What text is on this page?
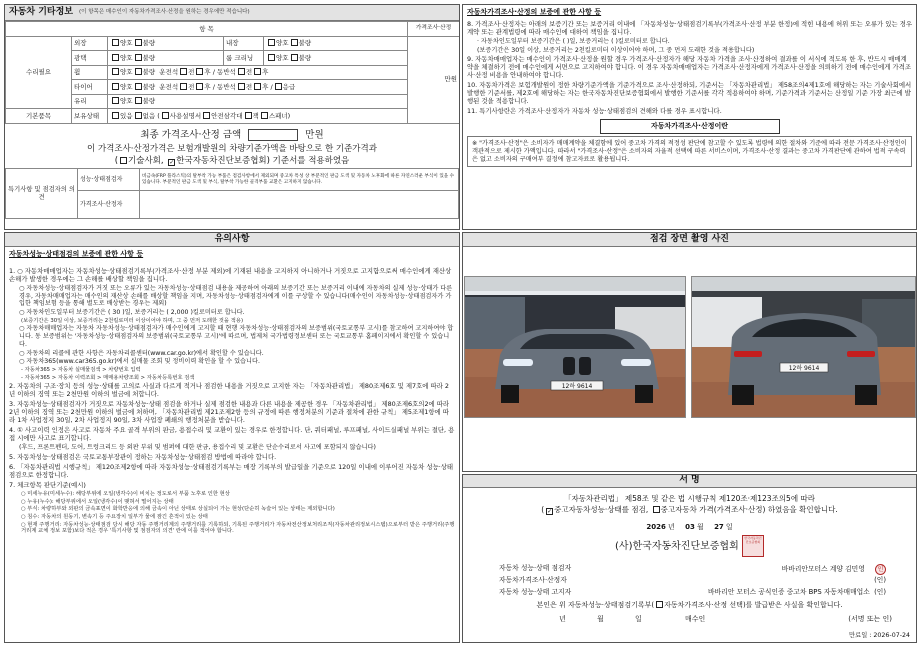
자동차 기타정보 (이 항목은 매수인이 자동차가격조사·산정을 원하는 경우에만 적습니다)
항 목					가격조사·산정
수리필요	외장	양호 불량	내장	양호 불량	만원
	광택	양호 불량	룸 크리닝	양호 불량	
	휠	양호 불량 운전석 전 후 / 동반석 전 후			
	타이어	양호 불량 운전석 전 후 / 동반석 전 후 / 응급			
	유리	양호 불량			
기본품목	보유상태	있음 없음 ( 사용설명서 안전삼각대 잭 스패너)			
최종 가격조사·산정 금액	만원
이 가격조사·산정가격은 보험개발원의 차량기준가액을 바탕으로 한 기준가격과
( 기술사회, ✓ 한국자동차진단보증협회) 기준서를 적용하였음
특기사항 및 점검자의 의견	성능·상태점검자	비금속(FRP 플라스틱)의 탈부착 가능 부품은 점검사항에서 제외되며 중고차 특성 상 부분적인 판금 도색 및 자동차 노후화에 따른 자연스러운 부식이 있을 수 있습니다. 부분적인 판금 도색 및 부식, 탈부착 가능한 골격부품 교환은 고지하지 않습니다.
	가격조사·산정자	
자동차가격조사·산정의 보증에 관한 사항 등

8. 가격조사·산정자는 아래의 보증기간 또는 보증거리 이내에 「자동차성능·상태점검기록부(가격조사·산정 부분 한정)에 적힌 내용에 허위 또는 오류가 있는 경우 계약 또는 관계법령에 따라 매수인에 대하여 책임을 집니다.

· 자동차인도일부터 보증기간은 ( )일, 보증거리는 ( )킬로미터로 합니다.

(보증기간은 30일 이상, 보증거리는 2천킬로미터 이상이어야 하며, 그 중 먼저 도래한 것을 적용합니다)

9. 자동차매매업자는 매수인이 가격조사·산정을 원할 경우 가격조사·산정자가 해당 자동차 가격을 조사·산정하여 결과를 이 서식에 적도록 한 후, 반드시 매매계약을 체결하기 전에 매수인에게 서면으로 고지하여야 합니다. 이 경우 자동차매매업자는 가격조사·산정자에게 가격조사·산정을 의뢰하기 전에 매수인에게 가격조사·산정 비용을 안내하여야 합니다.

10. 자동차가격은 보험개발원이 정한 차량기준가액을 기준가격으로 조사·산정하되, 기준서는 「자동차관리법」 제58조의4제1호에 해당하는 자는 기술사회에서 발행한 기준서를, 제2호에 해당하는 자는 한국자동차진단보증협회에서 발행한 기준서를 각각 적용하여야 하며, 기준가격과 기준서는 산정일 기준 가장 최근에 발행된 것을 적용합니다.

11. 특기사항란은 가격조사·산정자가 자동차 성능·상태점검의 견해와 다를 경우 표시합니다.

자동차가격조사·산정이란
※ "가격조사·산정"은 소비자가 매매계약을 체결함에 있어 중고차 가격의 적정성 판단에 참고할 수 있도록 법령에 의한 절차와 기준에 따라 전문 가격조사·산정인이 객관적으로 제시한 가액입니다. 따라서 "가격조사·산정"은 소비자의 자율적 선택에 따른 서비스이며, 가격조사·산정 결과는 중고차 가격판단에 관하여 법적 구속력은 없고 소비자의 구매여부 결정에 참고자료로 활용됩니다.
유의사항
자동차성능·상태점검의 보증에 관한 사항 등

1. ○ 자동차매매업자는 자동차성능·상태점검기록부(가격조사·산정 부분 제외)에 기재된 내용을 고지하지 아니하거나 거짓으로 고지함으로써 매수인에게 재산상 손해가 발생한 경우에는 그 손해를 배상할 책임을 집니다.

○ 자동차성능·상태점검자가 거짓 또는 오류가 있는 자동차성능·상태점검 내용을 제공하여 아래의 보증기간 또는 보증거리 이내에 자동차의 실제 성능·상태가 다른 경우, 자동차매매업자는 매수인의 재산상 손해를 배상할 책임을 지며, 자동차성능·상태점검자에게 이를 구상할 수 있습니다(매수인이 자동차성능·상태점검자가 가입한 책임보험 등을 통해 별도로 배상받는 경우는 제외)

○ 자동차인도일부터 보증기간은 ( 30 )일, 보증거리는 ( 2,000 )킬로미터로 합니다.

(보증기간은 30일 이상, 보증거리는 2천킬로미터 이상이어야 하며, 그 중 먼저 도래한 것을 적용)

○ 자동차매매업자는 자동차 자동차성능·상태점검자가 매수인에게 고지할 때 현행 자동차성능·상태점검자의 보증범위(국토교통부 고시)를 참고하여 고지하여야 합니다. 동 보증범위는 '자동차성능·상태점검자의 보증범위(국토교통부 고시)'에 따르며, 법제처 국가법령정보센터 또는 국토교통부 홈페이지에서 확인할 수 있습니다.

○ 자동차의 리콜에 관한 사항은 자동차리콜센터(www.car.go.kr)에서 확인할 수 있습니다.

○ 자동차365(www.car365.go.kr)에서 실매물 조회 및 정비이력 확인을 할 수 있습니다.

- 자동차365 > 자동차 실매물검색 > 차량번호 입력

- 자동차365 > 자동차 이력조회 > 매매용차량조회 > 자동차등록번호 검색

2. 자동차의 구조·장치 등의 성능·상태를 고의로 사실과 다르게 적거나 점검한 내용을 거짓으로 고지한 자는 「자동차관리법」 제80조제6호 및 제7호에 따라 2년 이하의 징역 또는 2천만원 이하의 벌금에 처합니다.

3. 자동차성능·상태점검자가 거짓으로 자동차성능·상태 점검을 하거나 실제 점검한 내용과 다른 내용을 제공한 경우 「자동차관리법」 제80조제6호의2에 따라 2년 이하의 징역 또는 2천만원 이하의 벌금에 처하며, 「자동차관리법 제21조제2항 등의 규정에 따른 행정처분의 기준과 절차에 관한 규칙」 제5조제1항에 따라 1차 사업정지 30일, 2차 사업정지 90일, 3차 사업장 폐쇄의 행정처분을 받습니다.

4. ① 사고이력 인정은 사고로 자동차 주요 골격 부위의 판금, 용접수리 및 교환이 있는 경우로 한정합니다. 단, 쿼터패널, 루프패널, 사이드실패널 부위는 절단, 용접 시에만 사고로 표기합니다.

(후드, 프론트펜더, 도어, 트렁크리드 등 외판 부위 및 범퍼에 대한 판금, 용접수리 및 교환은 단순수리로서 사고에 포함되지 않습니다)

5. 자동차성능·상태점검은 국토교통부장관이 정하는 자동차성능·상태점검 방법에 따라야 합니다.

6. 「자동차관리법 시행규칙」 제120조제2항에 따라 자동차성능·상태점검기록부는 매장 기록부의 발급일을 기준으로 120일 이내에 이루어진 자동차 성능·상태점검으로 한정합니다.

7. 체크항목 판단기준(예시)

○ 미세누유(미세누수): 해당부위에 오일(냉각수)이 비치는 정도로서 부품 노후로 인한 현상

○ 누유(누수): 해당부위에서 오일(냉각수)이 맺혀서 떨어지는 상태

○ 부식: 차량하부와 외판의 금속표면이 화학반응에 의해 금속이 아닌 상태로 상실되어 가는 현상(단순히 녹슬어 있는 상태는 제외합니다)

○ 침수: 자동차의 원동기, 변속기 등 주요장치 일부가 물에 잠긴 흔적이 있는 상태

○ 현재 주행거리: 자동차성능·상태점검 당시 해당 자동 주행거리계의 주행거리를 기록하되, 기록된 주행거리가 자동차전산정보처리조직(자동차관리정보시스템)으로부터 받은 주행거리(주행거리계 교체 정보 포함)보다 적은 경우 '특기사항 및 점검자의 의견' 란에 이를 적어야 합니다.

점검 장면 촬영 사진
12하 9614
12하 9614
서 명
「자동차관리법」 제58조 및 같은 법 시행규칙 제120조·제123조의5에 따라
( ✓ 중고자동차성능·상태를 점검, 중고자동차 가격(가격조사·산정) 하였음을 확인합니다.
2026 년 03 월 27 일
(사)한국자동차진단보증협회 한국자동차진단보증협회
자동차 성능·상태 점검자	바바리안모터스 계양 김민영 인
자동차가격조사·산정자	(인)
자동차 성능·상태 고지자	바바리안 모터스 공식인증 중고차 BPS 자동차매매업소 (인)
본인은 위 자동차성능·상태점검기록부( 자동차가격조사·산정 선택)를 발급받은 사실을 확인합니다.
년	월	일	매수인	(서명 또는 인)
만료일 : 2026-07-24
